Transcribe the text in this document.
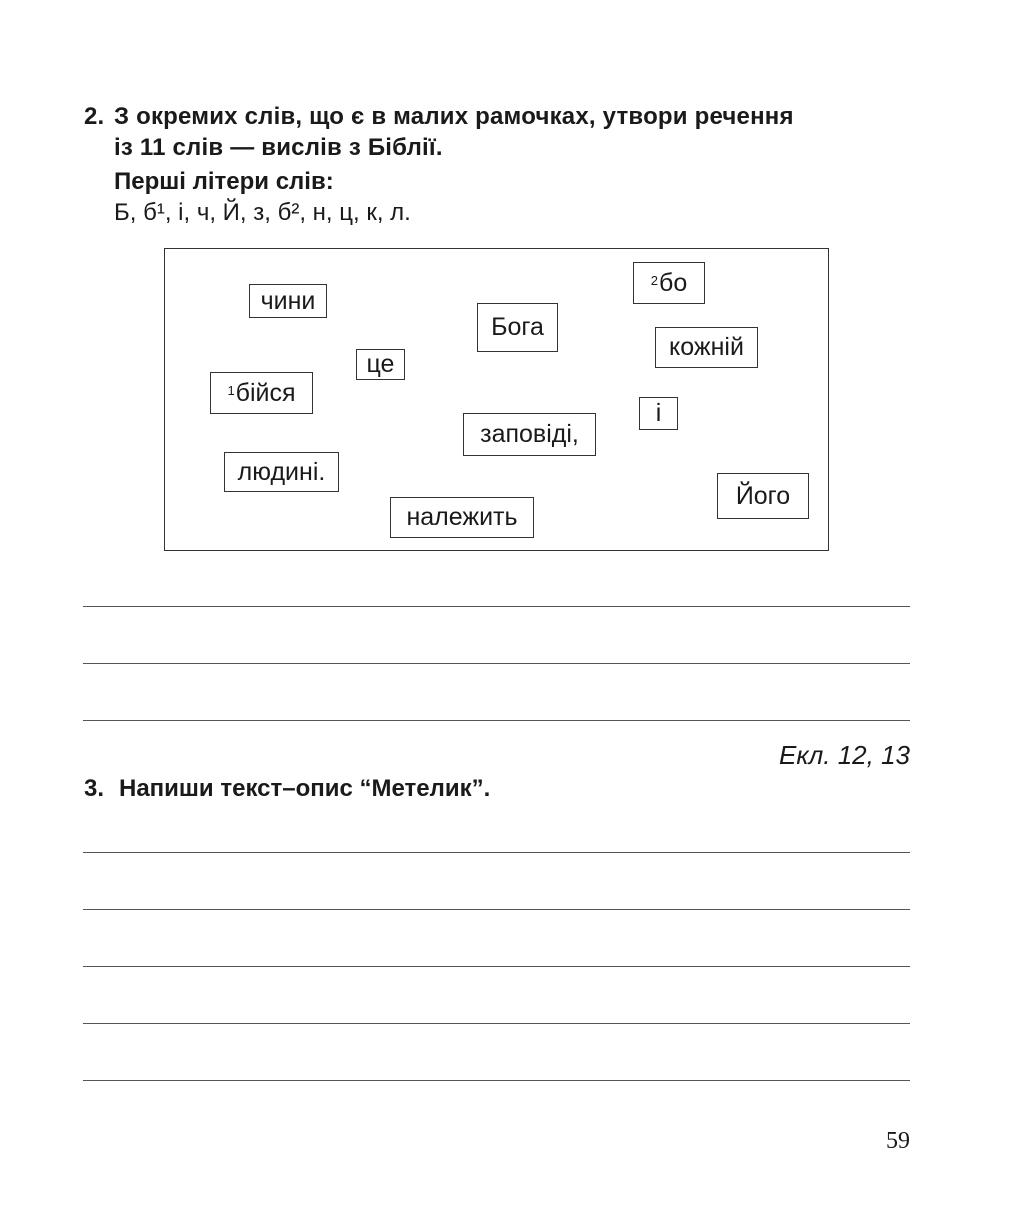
2. З окремих слів, що є в малих рамочках, утвори речення
із 11 слів — вислів з Біблії.
Перші літери слів:
Б, б¹, і, ч, Й, з, б², н, ц, к, л.
чини
Бога
$^2$ бо
кожній
це
$^1$ бійся
і
заповіді,
людині.
Його
належить
Екл. 12, 13
3. Напиши текст–опис “Метелик”.
59
